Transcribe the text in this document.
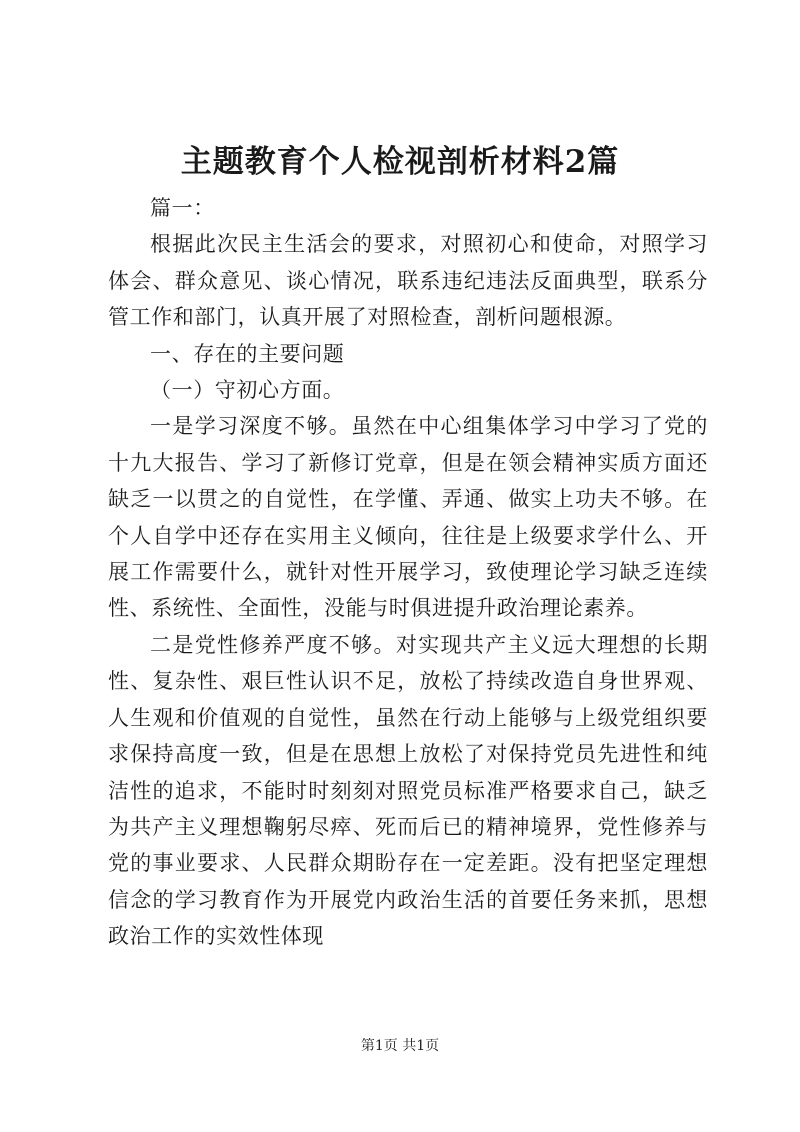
主题教育个人检视剖析材料2篇

篇一：

根据此次民主生活会的要求，对照初心和使命，对照学习体会、群众意见、谈心情况，联系违纪违法反面典型，联系分管工作和部门，认真开展了对照检查，剖析问题根源。

一、存在的主要问题

（一）守初心方面。

一是学习深度不够。虽然在中心组集体学习中学习了党的十九大报告、学习了新修订党章，但是在领会精神实质方面还缺乏一以贯之的自觉性，在学懂、弄通、做实上功夫不够。在个人自学中还存在实用主义倾向，往往是上级要求学什么、开展工作需要什么，就针对性开展学习，致使理论学习缺乏连续性、系统性、全面性，没能与时俱进提升政治理论素养。

二是党性修养严度不够。对实现共产主义远大理想的长期性、复杂性、艰巨性认识不足，放松了持续改造自身世界观、人生观和价值观的自觉性，虽然在行动上能够与上级党组织要求保持高度一致，但是在思想上放松了对保持党员先进性和纯洁性的追求，不能时时刻刻对照党员标准严格要求自己，缺乏为共产主义理想鞠躬尽瘁、死而后已的精神境界，党性修养与党的事业要求、人民群众期盼存在一定差距。没有把坚定理想信念的学习教育作为开展党内政治生活的首要任务来抓，思想政治工作的实效性体现

第1页 共1页
